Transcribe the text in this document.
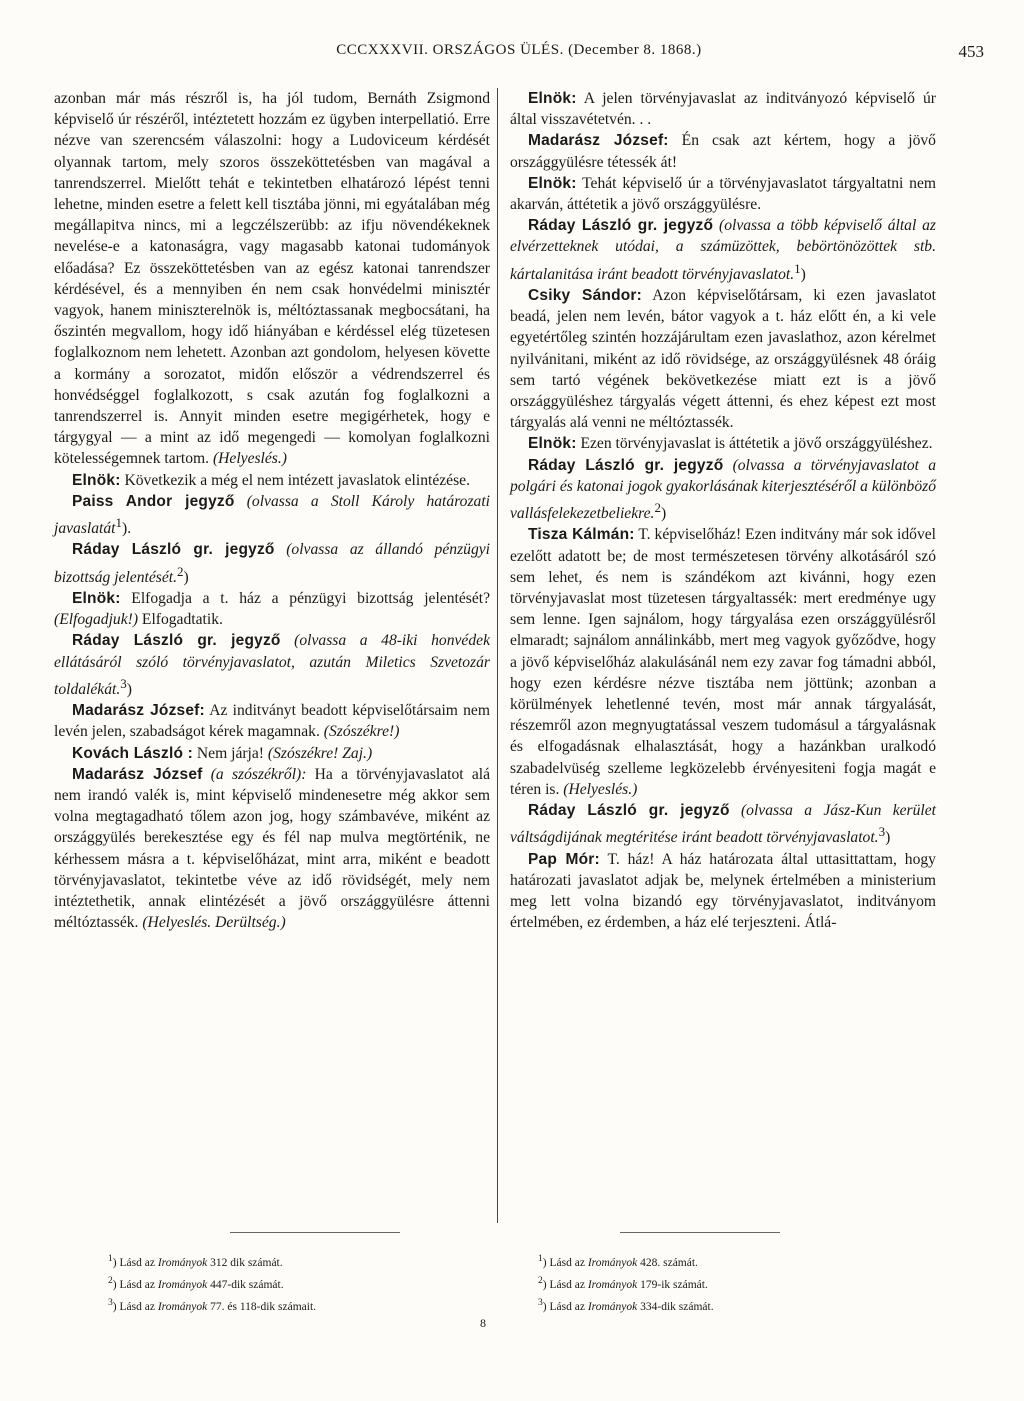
CCCXXXVII. ORSZÁGOS ÜLÉS. (December 8. 1868.)	453

azonban már más részről is, ha jól tudom, Bernáth Zsigmond képviselő úr részéről, intéztetett hozzám ez ügyben interpellatió. Erre nézve van szerencsém válaszolni: hogy a Ludoviceum kérdését olyannak tartom, mely szoros összeköttetésben van magával a tanrendszerrel. Mielőtt tehát e tekintetben elhatározó lépést tenni lehetne, minden esetre a felett kell tisztába jönni, mi egyátalában még megállapitva nincs, mi a legczélszerübb: az ifju növendékeknek nevelése-e a katonaságra, vagy magasabb katonai tudományok előadása? Ez összeköttetésben van az egész katonai tanrendszer kérdésével, és a mennyiben én nem csak honvédelmi minisztér vagyok, hanem miniszterelnök is, méltóztassanak megbocsátani, ha őszintén megvallom, hogy idő hiányában e kérdéssel elég tüzetesen foglalkoznom nem lehetett. Azonban azt gondolom, helyesen követte a kormány a sorozatot, midőn először a védrendszerrel és honvédséggel foglalkozott, s csak azután fog foglalkozni a tanrendszerrel is. Annyit minden esetre megigérhetek, hogy e tárgygyal — a mint az idő megengedi — komolyan foglalkozni kötelességemnek tartom. (Helyeslés.)

Elnök: Következik a még el nem intézett javaslatok elintézése.

Paiss Andor jegyző (olvassa a Stoll Károly határozati javaslatát$^1$).

Ráday László gr. jegyző (olvassa az állandó pénzügyi bizottság jelentését.$^2$)

Elnök: Elfogadja a t. ház a pénzügyi bizottság jelentését? (Elfogadjuk!) Elfogadtatik.

Ráday László gr. jegyző (olvassa a 48-iki honvédek ellátásáról szóló törvényjavaslatot, azután Miletics Szvetozár toldalékát.$^3$)

Madarász József: Az inditványt beadott képviselőtársaim nem levén jelen, szabadságot kérek magamnak. (Szószékre!)

Kovách László : Nem járja! (Szószékre! Zaj.)

Madarász József (a szószékről): Ha a törvényjavaslatot alá nem irandó valék is, mint képviselő mindenesetre még akkor sem volna megtagadható tőlem azon jog, hogy számbavéve, miként az országgyülés berekesztése egy és fél nap mulva megtörténik, ne kérhessem másra a t. képviselőházat, mint arra, miként e beadott törvényjavaslatot, tekintetbe véve az idő rövidségét, mely nem intéztethetik, annak elintézését a jövő országgyülésre áttenni méltóztassék. (Helyeslés. Derültség.)

Elnök: A jelen törvényjavaslat az inditványozó képviselő úr által visszavétetvén. . .

Madarász József: Én csak azt kértem, hogy a jövő országgyülésre tétessék át!

Elnök: Tehát képviselő úr a törvényjavaslatot tárgyaltatni nem akarván, áttétetik a jövő országgyülésre.

Ráday László gr. jegyző (olvassa a több képviselő által az elvérzetteknek utódai, a számüzöttek, bebörtönözöttek stb. kártalanitása iránt beadott törvényjavaslatot.$^1$)

Csiky Sándor: Azon képviselőtársam, ki ezen javaslatot beadá, jelen nem levén, bátor vagyok a t. ház előtt én, a ki vele egyetértőleg szintén hozzájárultam ezen javaslathoz, azon kérelmet nyilvánitani, miként az idő rövidsége, az országgyülésnek 48 óráig sem tartó végének bekövetkezése miatt ezt is a jövő országgyüléshez tárgyalás végett áttenni, és ehez képest ezt most tárgyalás alá venni ne méltóztassék.

Elnök: Ezen törvényjavaslat is áttétetik a jövő országgyüléshez.

Ráday László gr. jegyző (olvassa a törvényjavaslatot a polgári és katonai jogok gyakorlásának kiterjesztéséről a különböző vallásfelekezetbeliekre.$^2$)

Tisza Kálmán: T. képviselőház! Ezen inditvány már sok idővel ezelőtt adatott be; de most természetesen törvény alkotásáról szó sem lehet, és nem is szándékom azt kivánni, hogy ezen törvényjavaslat most tüzetesen tárgyaltassék: mert eredménye ugy sem lenne. Igen sajnálom, hogy tárgyalása ezen országgyülésről elmaradt; sajnálom annálinkább, mert meg vagyok győződve, hogy a jövő képviselőház alakulásánál nem ezy zavar fog támadni abból, hogy ezen kérdésre nézve tisztába nem jöttünk; azonban a körülmények lehetlenné tevén, most már annak tárgyalását, részemről azon megnyugtatással veszem tudomásul a tárgyalásnak és elfogadásnak elhalasztását, hogy a hazánkban uralkodó szabadelvüség szelleme legközelebb érvényesiteni fogja magát e téren is. (Helyeslés.)

Ráday László gr. jegyző (olvassa a Jász-Kun kerület váltságdijának megtéritése iránt beadott törvényjavaslatot.$^3$)

Pap Mór: T. ház! A ház határozata által uttasittattam, hogy határozati javaslatot adjak be, melynek értelmében a ministerium meg lett volna bizandó egy törvényjavaslatot, inditványom értelmében, ez érdemben, a ház elé terjeszteni. Átlá-

$^1$) Lásd az Irományok 312 dik számát.
$^2$) Lásd az Irományok 447-dik számát.
$^3$) Lásd az Irományok 77. és 118-dik számait.
$^1$) Lásd az Irományok 428. számát.
$^2$) Lásd az Irományok 179-ik számát.
$^3$) Lásd az Irományok 334-dik számát.
8
